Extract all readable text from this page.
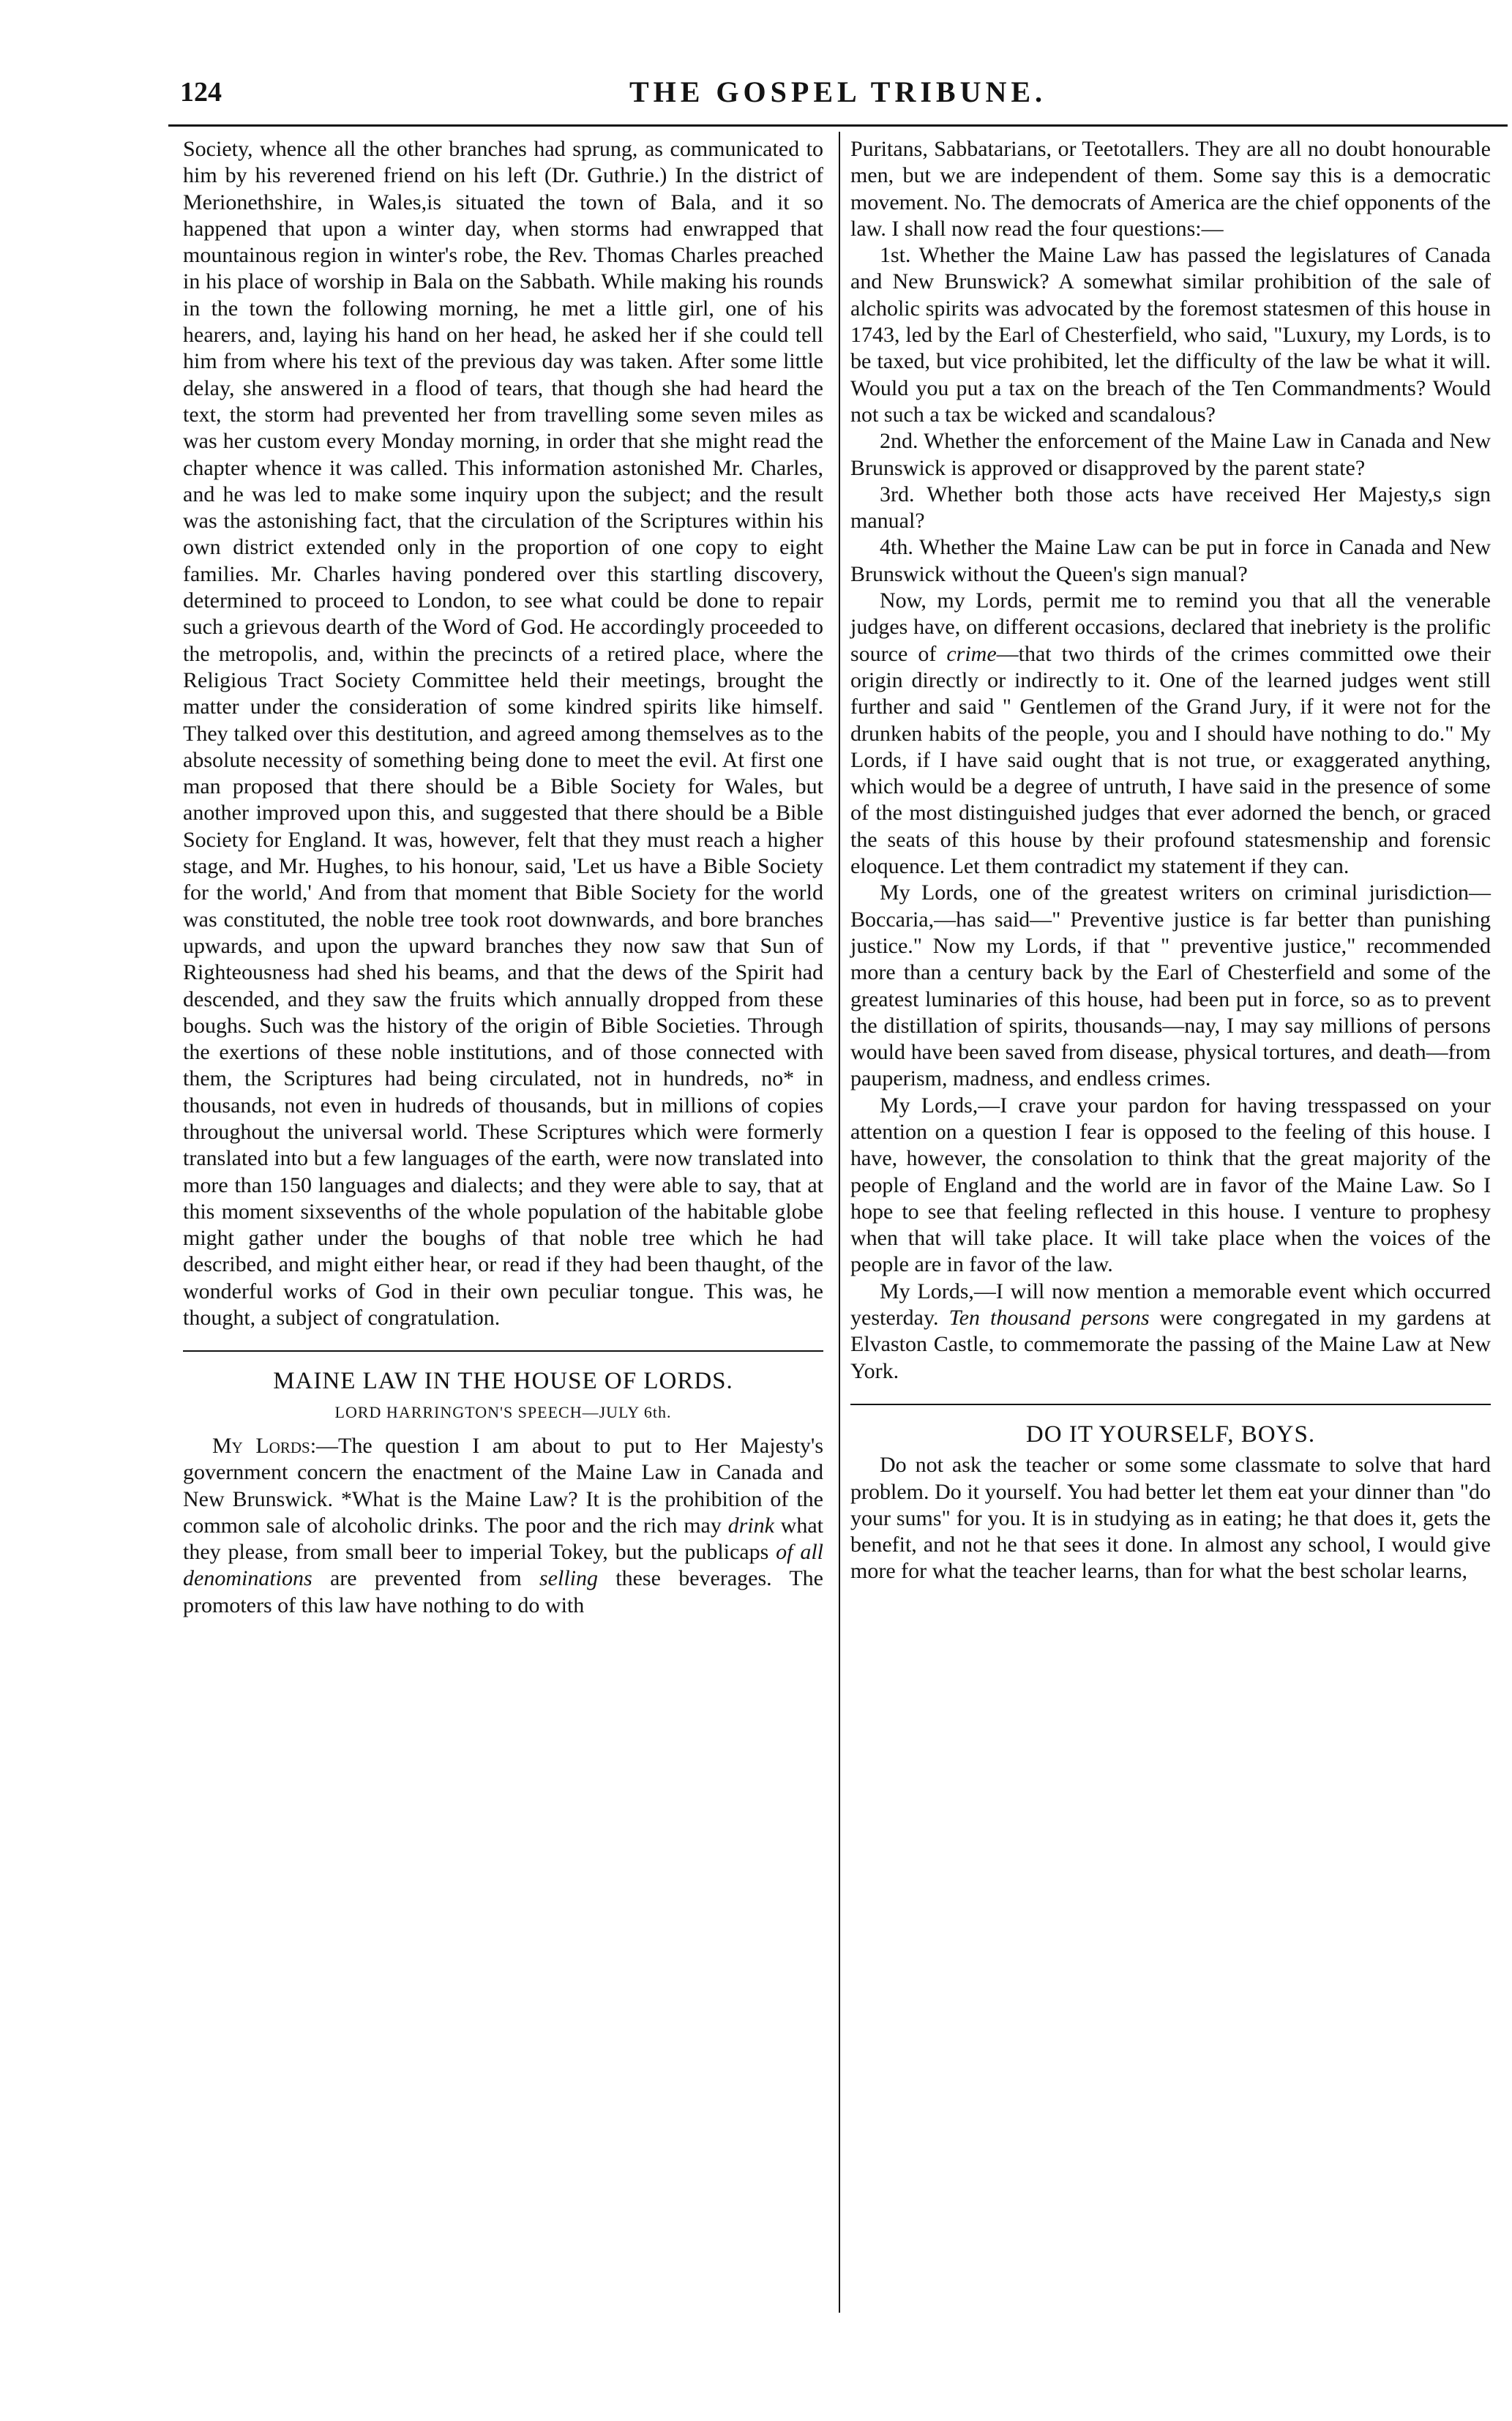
124	THE GOSPEL TRIBUNE.

Society, whence all the other branches had sprung, as communicated to him by his reverened friend on his left (Dr. Guthrie.) In the district of Merionethshire, in Wales,is situated the town of Bala, and it so happened that upon a winter day, when storms had enwrapped that mountainous region in winter's robe, the Rev. Thomas Charles preached in his place of worship in Bala on the Sabbath. While making his rounds in the town the following morning, he met a little girl, one of his hearers, and, laying his hand on her head, he asked her if she could tell him from where his text of the previous day was taken. After some little delay, she answered in a flood of tears, that though she had heard the text, the storm had prevented her from travelling some seven miles as was her custom every Monday morning, in order that she might read the chapter whence it was called. This information astonished Mr. Charles, and he was led to make some inquiry upon the subject; and the result was the astonishing fact, that the circulation of the Scriptures within his own district extended only in the proportion of one copy to eight families. Mr. Charles having pondered over this startling discovery, determined to proceed to London, to see what could be done to repair such a grievous dearth of the Word of God. He accordingly proceeded to the metropolis, and, within the precincts of a retired place, where the Religious Tract Society Committee held their meetings, brought the matter under the consideration of some kindred spirits like himself. They talked over this destitution, and agreed among themselves as to the absolute necessity of something being done to meet the evil. At first one man proposed that there should be a Bible Society for Wales, but another improved upon this, and suggested that there should be a Bible Society for England. It was, however, felt that they must reach a higher stage, and Mr. Hughes, to his honour, said, 'Let us have a Bible Society for the world,' And from that moment that Bible Society for the world was constituted, the noble tree took root downwards, and bore branches upwards, and upon the upward branches they now saw that Sun of Righteousness had shed his beams, and that the dews of the Spirit had descended, and they saw the fruits which annually dropped from these boughs. Such was the history of the origin of Bible Societies. Through the exertions of these noble institutions, and of those connected with them, the Scriptures had being circulated, not in hundreds, no* in thousands, not even in hudreds of thousands, but in millions of copies throughout the universal world. These Scriptures which were formerly translated into but a few languages of the earth, were now translated into more than 150 languages and dialects; and they were able to say, that at this moment sixsevenths of the whole population of the habitable globe might gather under the boughs of that noble tree which he had described, and might either hear, or read if they had been thaught, of the wonderful works of God in their own peculiar tongue. This was, he thought, a subject of congratulation.

MAINE LAW IN THE HOUSE OF LORDS.
LORD HARRINGTON'S SPEECH—JULY 6th.

My Lords:—The question I am about to put to Her Majesty's government concern the enactment of the Maine Law in Canada and New Brunswick. *What is the Maine Law? It is the prohibition of the common sale of alcoholic drinks. The poor and the rich may drink what they please, from small beer to imperial Tokey, but the publicaps of all denominations are prevented from selling these beverages. The promoters of this law have nothing to do with

Puritans, Sabbatarians, or Teetotallers. They are all no doubt honourable men, but we are independent of them. Some say this is a democratic movement. No. The democrats of America are the chief opponents of the law. I shall now read the four questions:—

1st. Whether the Maine Law has passed the legislatures of Canada and New Brunswick? A somewhat similar prohibition of the sale of alcholic spirits was advocated by the foremost statesmen of this house in 1743, led by the Earl of Chesterfield, who said, "Luxury, my Lords, is to be taxed, but vice prohibited, let the difficulty of the law be what it will. Would you put a tax on the breach of the Ten Commandments? Would not such a tax be wicked and scandalous?

2nd. Whether the enforcement of the Maine Law in Canada and New Brunswick is approved or disapproved by the parent state?

3rd. Whether both those acts have received Her Majesty,s sign manual?

4th. Whether the Maine Law can be put in force in Canada and New Brunswick without the Queen's sign manual?

Now, my Lords, permit me to remind you that all the venerable judges have, on different occasions, declared that inebriety is the prolific source of crime—that two thirds of the crimes committed owe their origin directly or indirectly to it. One of the learned judges went still further and said " Gentlemen of the Grand Jury, if it were not for the drunken habits of the people, you and I should have nothing to do." My Lords, if I have said ought that is not true, or exaggerated anything, which would be a degree of untruth, I have said in the presence of some of the most distinguished judges that ever adorned the bench, or graced the seats of this house by their profound statesmenship and forensic eloquence. Let them contradict my statement if they can.

My Lords, one of the greatest writers on criminal jurisdiction—Boccaria,—has said—" Preventive justice is far better than punishing justice." Now my Lords, if that " preventive justice," recommended more than a century back by the Earl of Chesterfield and some of the greatest luminaries of this house, had been put in force, so as to prevent the distillation of spirits, thousands—nay, I may say millions of persons would have been saved from disease, physical tortures, and death—from pauperism, madness, and endless crimes.

My Lords,—I crave your pardon for having tresspassed on your attention on a question I fear is opposed to the feeling of this house. I have, however, the consolation to think that the great majority of the people of England and the world are in favor of the Maine Law. So I hope to see that feeling reflected in this house. I venture to prophesy when that will take place. It will take place when the voices of the people are in favor of the law.

My Lords,—I will now mention a memorable event which occurred yesterday. Ten thousand persons were congregated in my gardens at Elvaston Castle, to commemorate the passing of the Maine Law at New York.

DO IT YOURSELF, BOYS.

Do not ask the teacher or some some classmate to solve that hard problem. Do it yourself. You had better let them eat your dinner than "do your sums" for you. It is in studying as in eating; he that does it, gets the benefit, and not he that sees it done. In almost any school, I would give more for what the teacher learns, than for what the best scholar learns,
